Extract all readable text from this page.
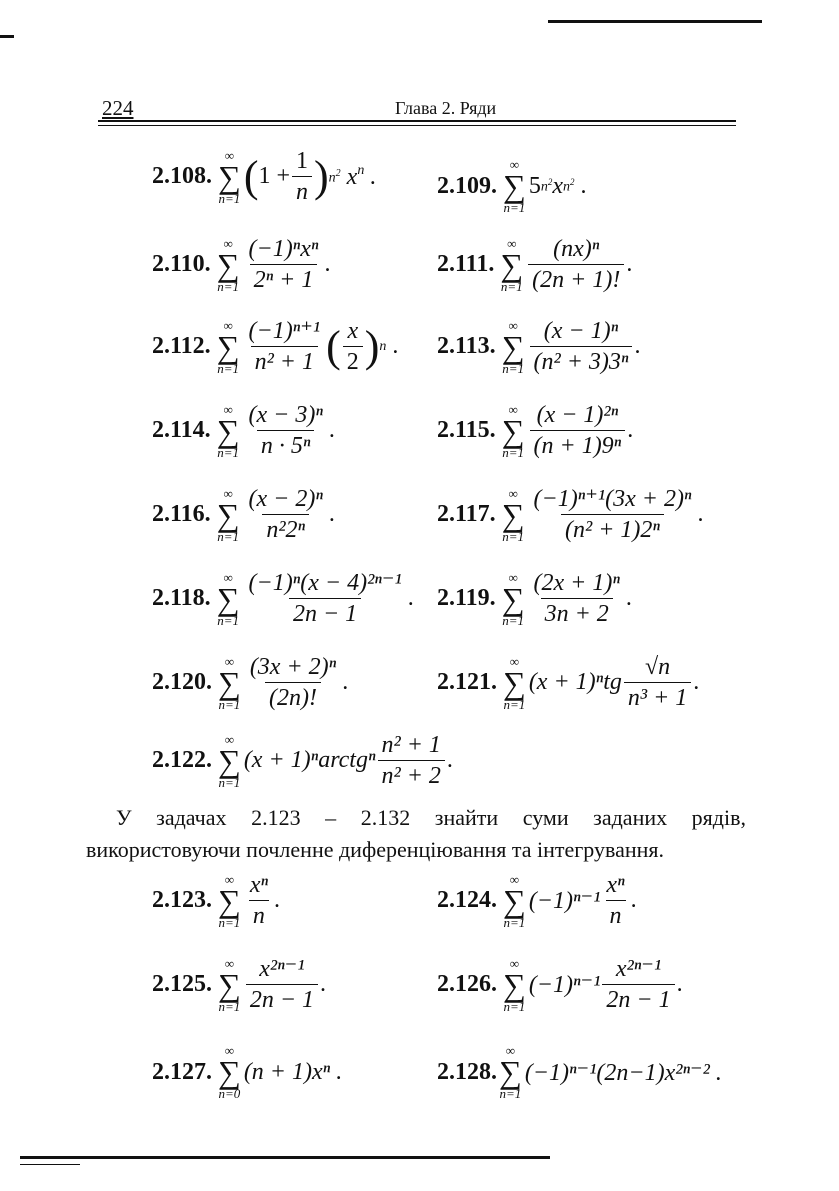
224	Глава 2. Ряди
2.108.
∞
∑
n=1 ( $1 + \frac{1}{n}$ ) $n^2$ $x^n$ .	2.109.
∞
∑
n=1
5 $n^2$ x $n^2$ .
2.110.
∞
∑
$n=1 \frac{\text{(−1)ⁿxⁿ}}{\text{2ⁿ + 1}}$ .	2.111.
∞
∑
$n=1 \frac{\text{(nx)ⁿ}}{(2n + 1)!}$ .
2.112.
∞
∑
$n=1 \frac{\text{(−1)ⁿ⁺¹}}{\text{n² + 1}}$ ( $\frac{x}{2}$ ) n . 2.113.
∞
∑
$n=1 \frac{\text{(x − 1)ⁿ}}{\text{(n² + 3)3ⁿ}}$ .
2.114.
∞
∑
$n=1 \frac{\text{(x − 3)ⁿ}}{\text{n · 5ⁿ}}$ .	2.115.
∞
∑
$n=1 \frac{\text{(x − 1)²ⁿ}}{\text{(n + 1)9ⁿ}}$ .
2.116.
∞
∑
$n=1 \frac{\text{(x − 2)ⁿ}}{\text{n²2ⁿ}}$ .	2.117.
∞
∑
$n=1 \frac{\text{(−1)ⁿ⁺¹(3x + 2)ⁿ}}{\text{(n² + 1)2ⁿ}}$ .
2.118.
∞
∑
$n=1 \frac{\text{(−1)ⁿ(x − 4)²ⁿ⁻¹}}{2n - 1}$ . 2.119.
∞
∑
$n=1 \frac{\text{(2x + 1)ⁿ}}{3n + 2}$ .
2.120.
∞
∑
$n=1 \frac{\text{(3x + 2)ⁿ}}{(2n)!}$ .	2.121.
∞
∑
n=1
$(x + 1)^ntg \frac{√n}{\text{n³ + 1}}$ .
2.122.
∞
∑
n=1
(x + 1)ⁿarctgⁿ $\frac{\text{n² + 1}}{\text{n² + 2}}$ .
У задачах 2.123 – 2.132 знайти суми заданих рядів, використовуючи почленне диференціювання та інтегрування.
2.123.
∞
∑
$n=1 \frac{\text{xⁿ}}{n}$ .	2.124.
∞
∑
n=1
$(-1)^{n-1} \frac{\text{xⁿ}}{n}$ .
2.125.
∞
∑
$n=1 \frac{\text{x²ⁿ⁻¹}}{2n - 1}$ .	2.126.
∞
∑
n=1
$(-1)^{n-1} \frac{\text{x²ⁿ⁻¹}}{2n - 1}$ .
2.127.
∞
∑
n=0
(n + 1)xⁿ .	2.128.
∞
∑
n=1
(−1)ⁿ⁻¹(2n−1)x²ⁿ⁻² .
